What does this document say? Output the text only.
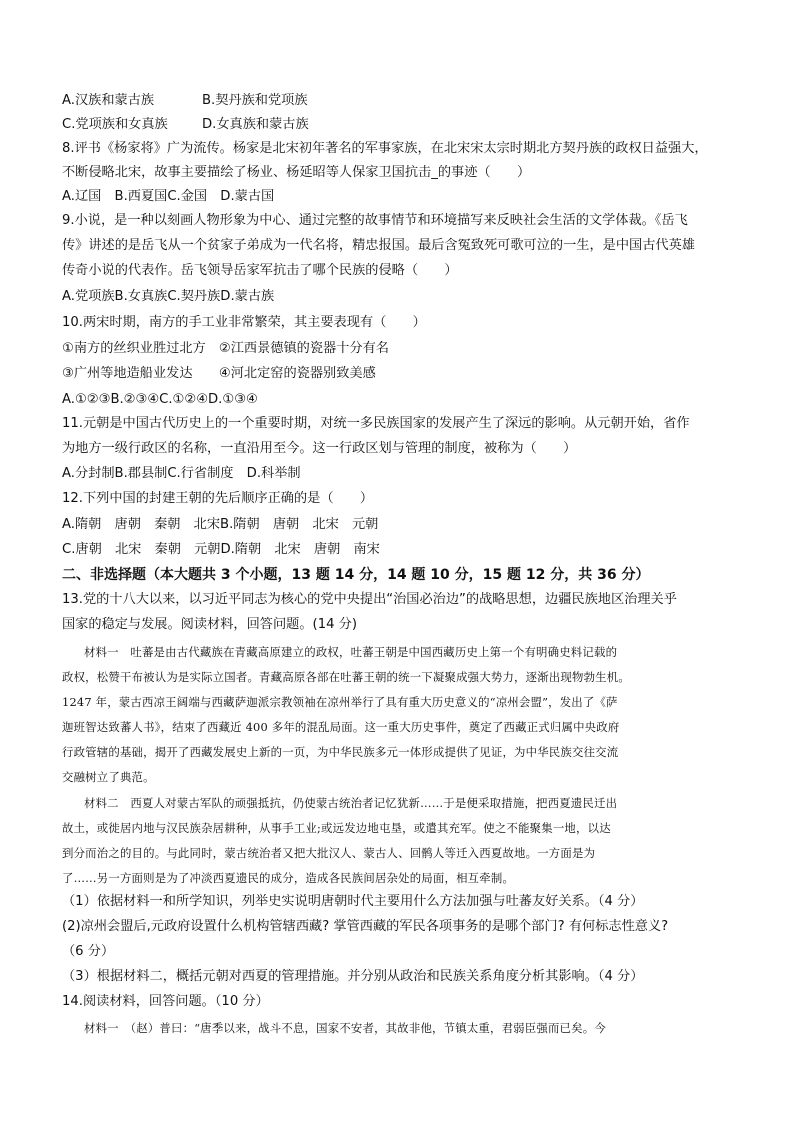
A.汉族和蒙古族	B.契丹族和党项族
C.党项族和女真族	D.女真族和蒙古族
8.评书《杨家将》广为流传。杨家是北宋初年著名的军事家族，在北宋宋太宗时期北方契丹族的政权日益强大，
不断侵略北宋，故事主要描绘了杨业、杨延昭等人保家卫国抗击_的事迹（　　）
A.辽国　B.西夏国C.金国　D.蒙古国
9.小说，是一种以刻画人物形象为中心、通过完整的故事情节和环境描写来反映社会生活的文学体裁。《岳飞
传》讲述的是岳飞从一个贫家子弟成为一代名将，精忠报国。最后含冤致死可歌可泣的一生，是中国古代英雄
传奇小说的代表作。岳飞领导岳家军抗击了哪个民族的侵略（　　）
A.党项族B.女真族C.契丹族D.蒙古族
10.两宋时期，南方的手工业非常繁荣，其主要表现有（　　）
①南方的丝织业胜过北方　②江西景德镇的瓷器十分有名
③广州等地造船业发达　　④河北定窑的瓷器别致美感
A.①②③B.②③④C.①②④D.①③④
11.元朝是中国古代历史上的一个重要时期，对统一多民族国家的发展产生了深远的影响。从元朝开始，省作
为地方一级行政区的名称，一直沿用至今。这一行政区划与管理的制度，被称为（　　）
A.分封制B.郡县制C.行省制度　D.科举制
12.下列中国的封建王朝的先后顺序正确的是（　　）
A.隋朝　唐朝　秦朝　北宋B.隋朝　唐朝　北宋　元朝
C.唐朝　北宋　秦朝　元朝D.隋朝　北宋　唐朝　南宋
二、非选择题（本大题共 3 个小题，13 题 14 分，14 题 10 分，15 题 12 分，共 36 分）
13.党的十八大以来，以习近平同志为核心的党中央提出“治国必治边”的战略思想，边疆民族地区治理关乎
国家的稳定与发展。阅读材料，回答问题。(14 分)
材料一　吐蕃是由古代藏族在青藏高原建立的政权，吐蕃王朝是中国西藏历史上第一个有明确史料记载的
政权，松赞干布被认为是实际立国者。青藏高原各部在吐蕃王朝的统一下凝聚成强大势力，逐渐出现物勃生机。
1247 年，蒙古西凉王阔端与西藏萨迦派宗教领袖在凉州举行了具有重大历史意义的“凉州会盟”，发出了《萨
迦班智达致蕃人书》，结束了西藏近 400 多年的混乱局面。这一重大历史事件，奠定了西藏正式归属中央政府
行政管辖的基础，揭开了西藏发展史上新的一页，为中华民族多元一体形成提供了见证，为中华民族交往交流
交融树立了典范。
材料二　西夏人对蒙古军队的顽强抵抗，仍使蒙古统治者记忆犹新……于是便采取措施，把西夏遗民迁出
故土，或徙居内地与汉民族杂居耕种，从事手工业;或远发边地屯垦，或遣其充军。使之不能聚集一地，以达
到分而治之的目的。与此同时，蒙古统治者又把大批汉人、蒙古人、回鹘人等迁入西夏故地。一方面是为
了……另一方面则是为了冲淡西夏遗民的成分，造成各民族间居杂处的局面，相互牵制。
（1）依据材料一和所学知识，列举史实说明唐朝时代主要用什么方法加强与吐蕃友好关系。（4 分）
(2)凉州会盟后,元政府设置什么机构管辖西藏? 掌管西藏的军民各项事务的是哪个部门? 有何标志性意义?
（6 分）
（3）根据材料二，概括元朝对西夏的管理措施。并分别从政治和民族关系角度分析其影响。（4 分）
14.阅读材料，回答问题。（10 分）
材料一　（赵）普曰：“唐季以来，战斗不息，国家不安者，其故非他，节镇太重，君弱臣强而已矣。今
